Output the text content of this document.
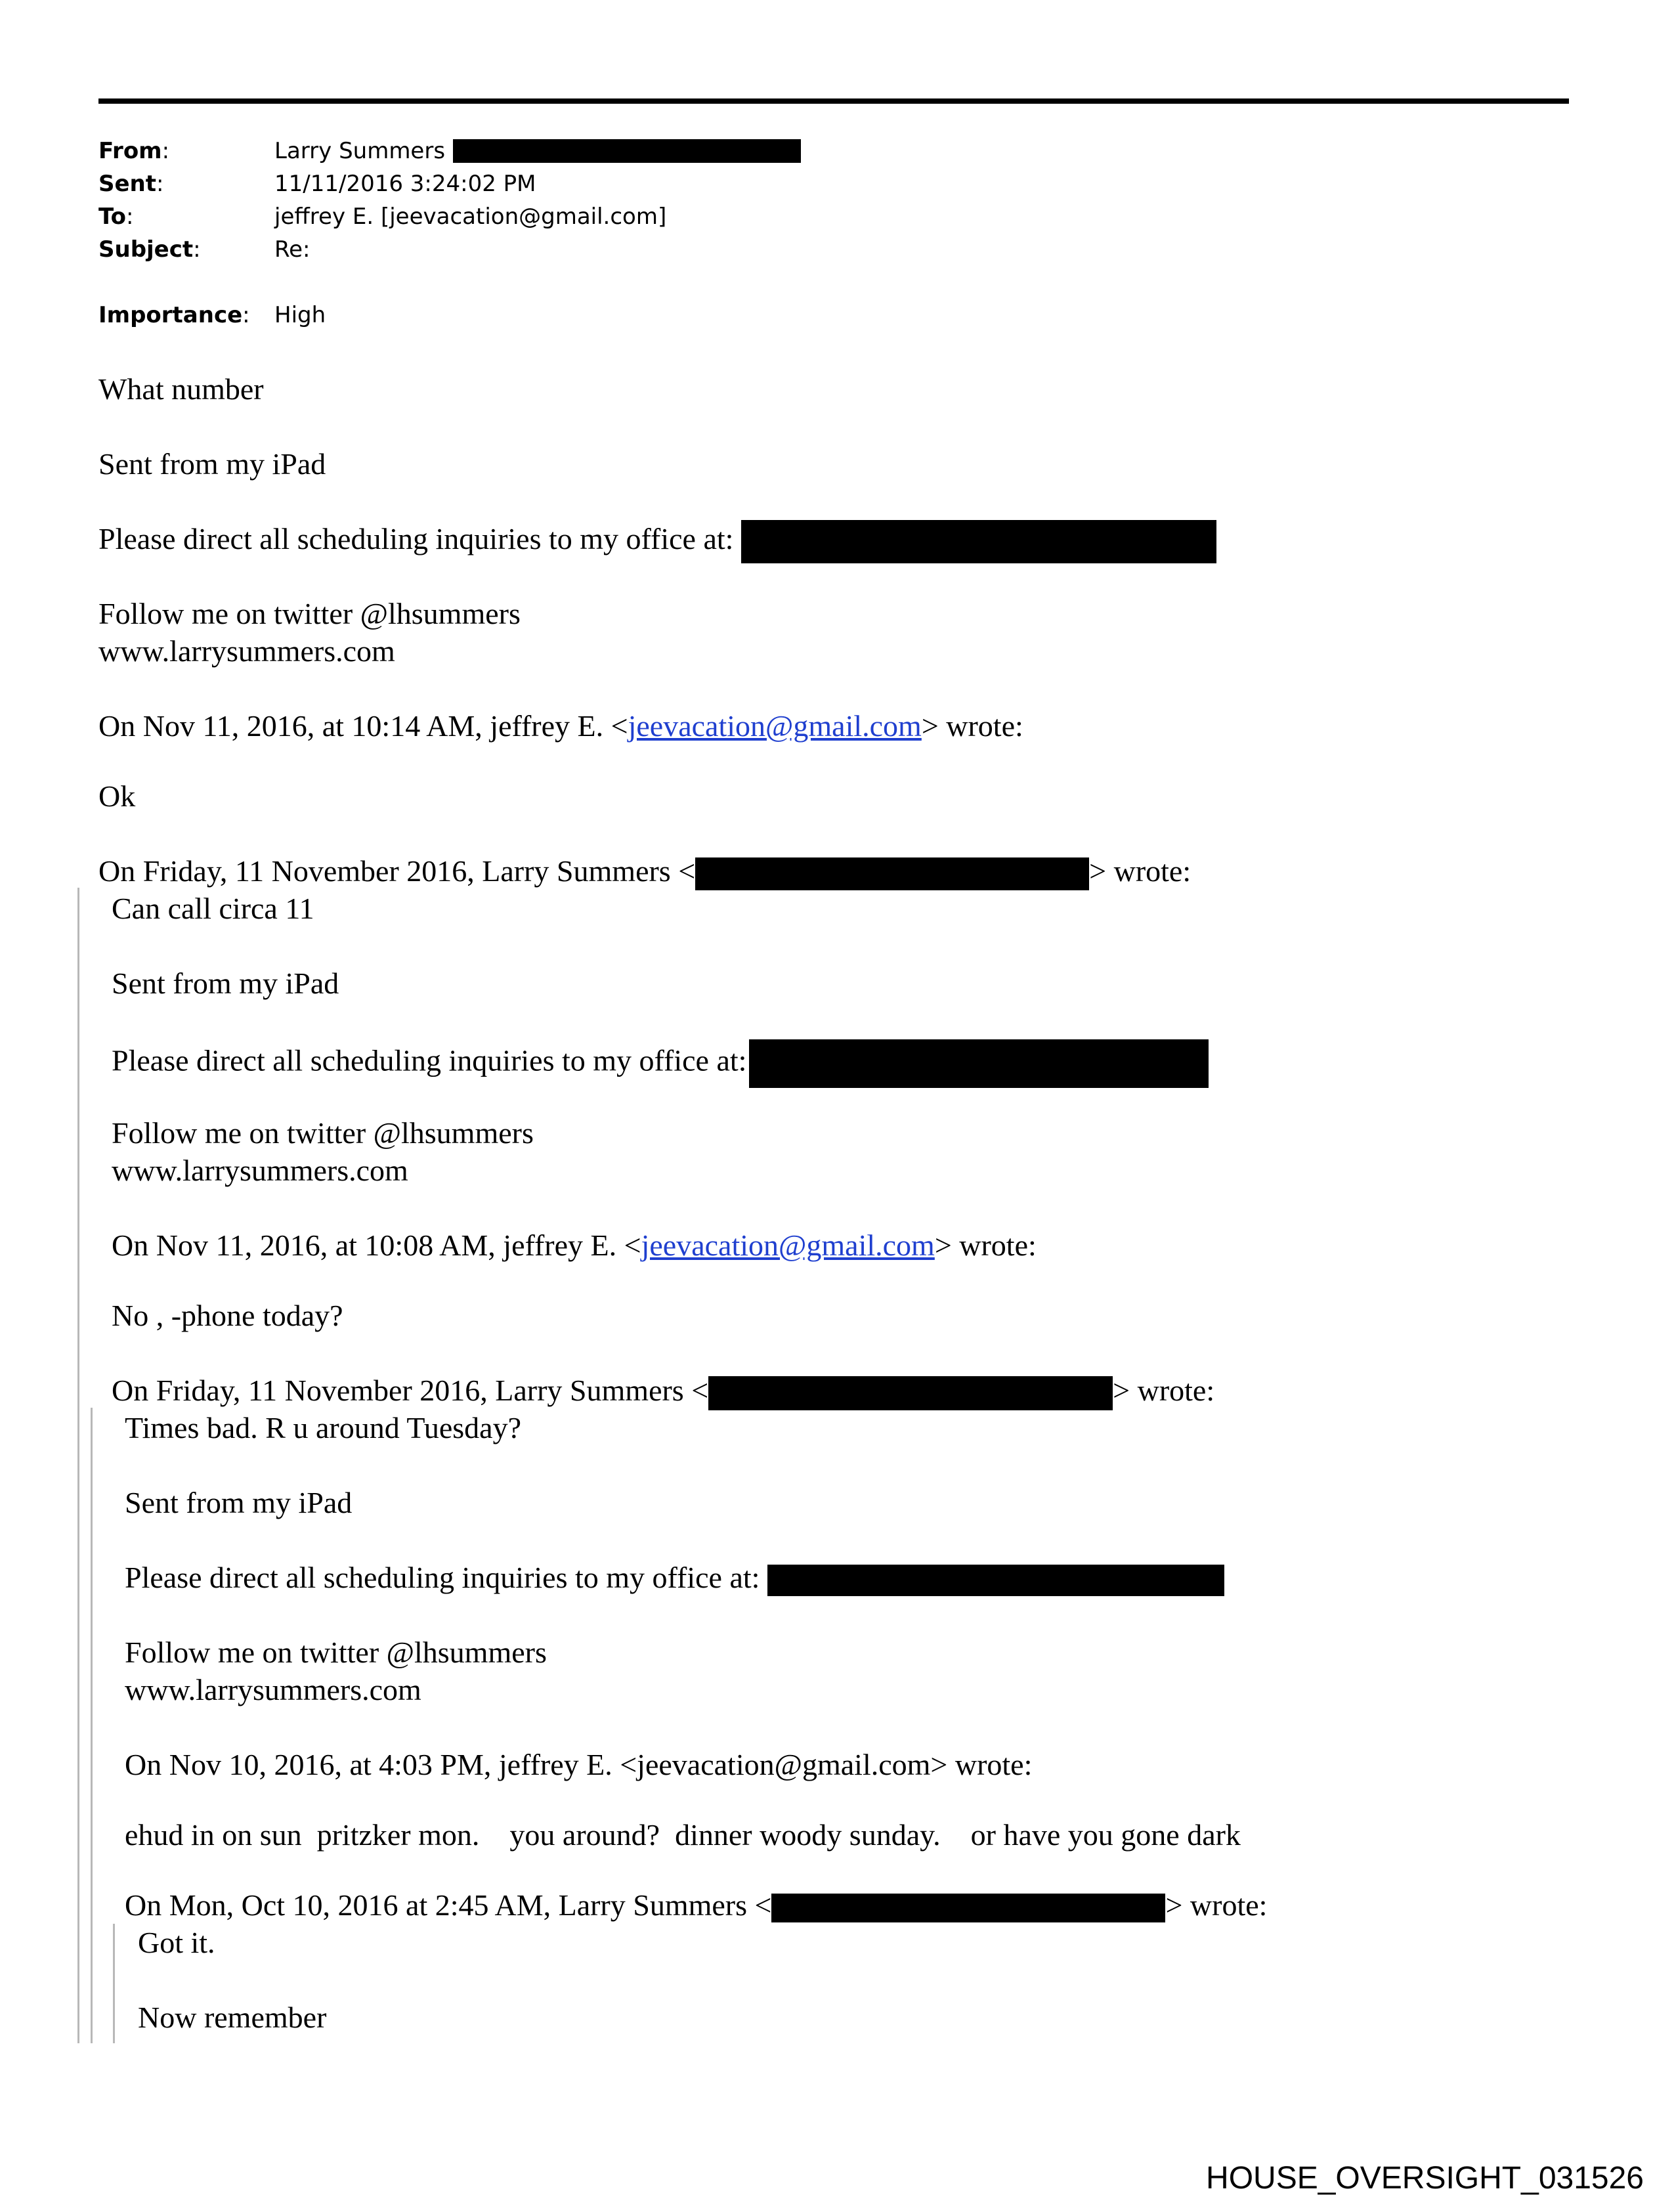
From:	Larry Summers
Sent:	11/11/2016 3:24:02 PM
To:	jeffrey E. [jeevacation@gmail.com]
Subject:	Re:
Importance:	High
What number
Sent from my iPad
Please direct all scheduling inquiries to my office at:
Follow me on twitter @lhsummers
www.larrysummers.com
On Nov 11, 2016, at 10:14 AM, jeffrey E. <jeevacation@gmail.com> wrote:
Ok
On Friday, 11 November 2016, Larry Summers <	> wrote:
Can call circa 11
Sent from my iPad
Please direct all scheduling inquiries to my office at:
Follow me on twitter @lhsummers
www.larrysummers.com
On Nov 11, 2016, at 10:08 AM, jeffrey E. <jeevacation@gmail.com> wrote:
No , -phone today?
On Friday, 11 November 2016, Larry Summers <	> wrote:
Times bad. R u around Tuesday?
Sent from my iPad
Please direct all scheduling inquiries to my office at:
Follow me on twitter @lhsummers
www.larrysummers.com
On Nov 10, 2016, at 4:03 PM, jeffrey E. <jeevacation@gmail.com> wrote:
ehud in on sun  pritzker mon.    you around?  dinner woody sunday.    or have you gone dark
On Mon, Oct 10, 2016 at 2:45 AM, Larry Summers <	> wrote:
Got it.
Now remember
HOUSE_OVERSIGHT_031526
